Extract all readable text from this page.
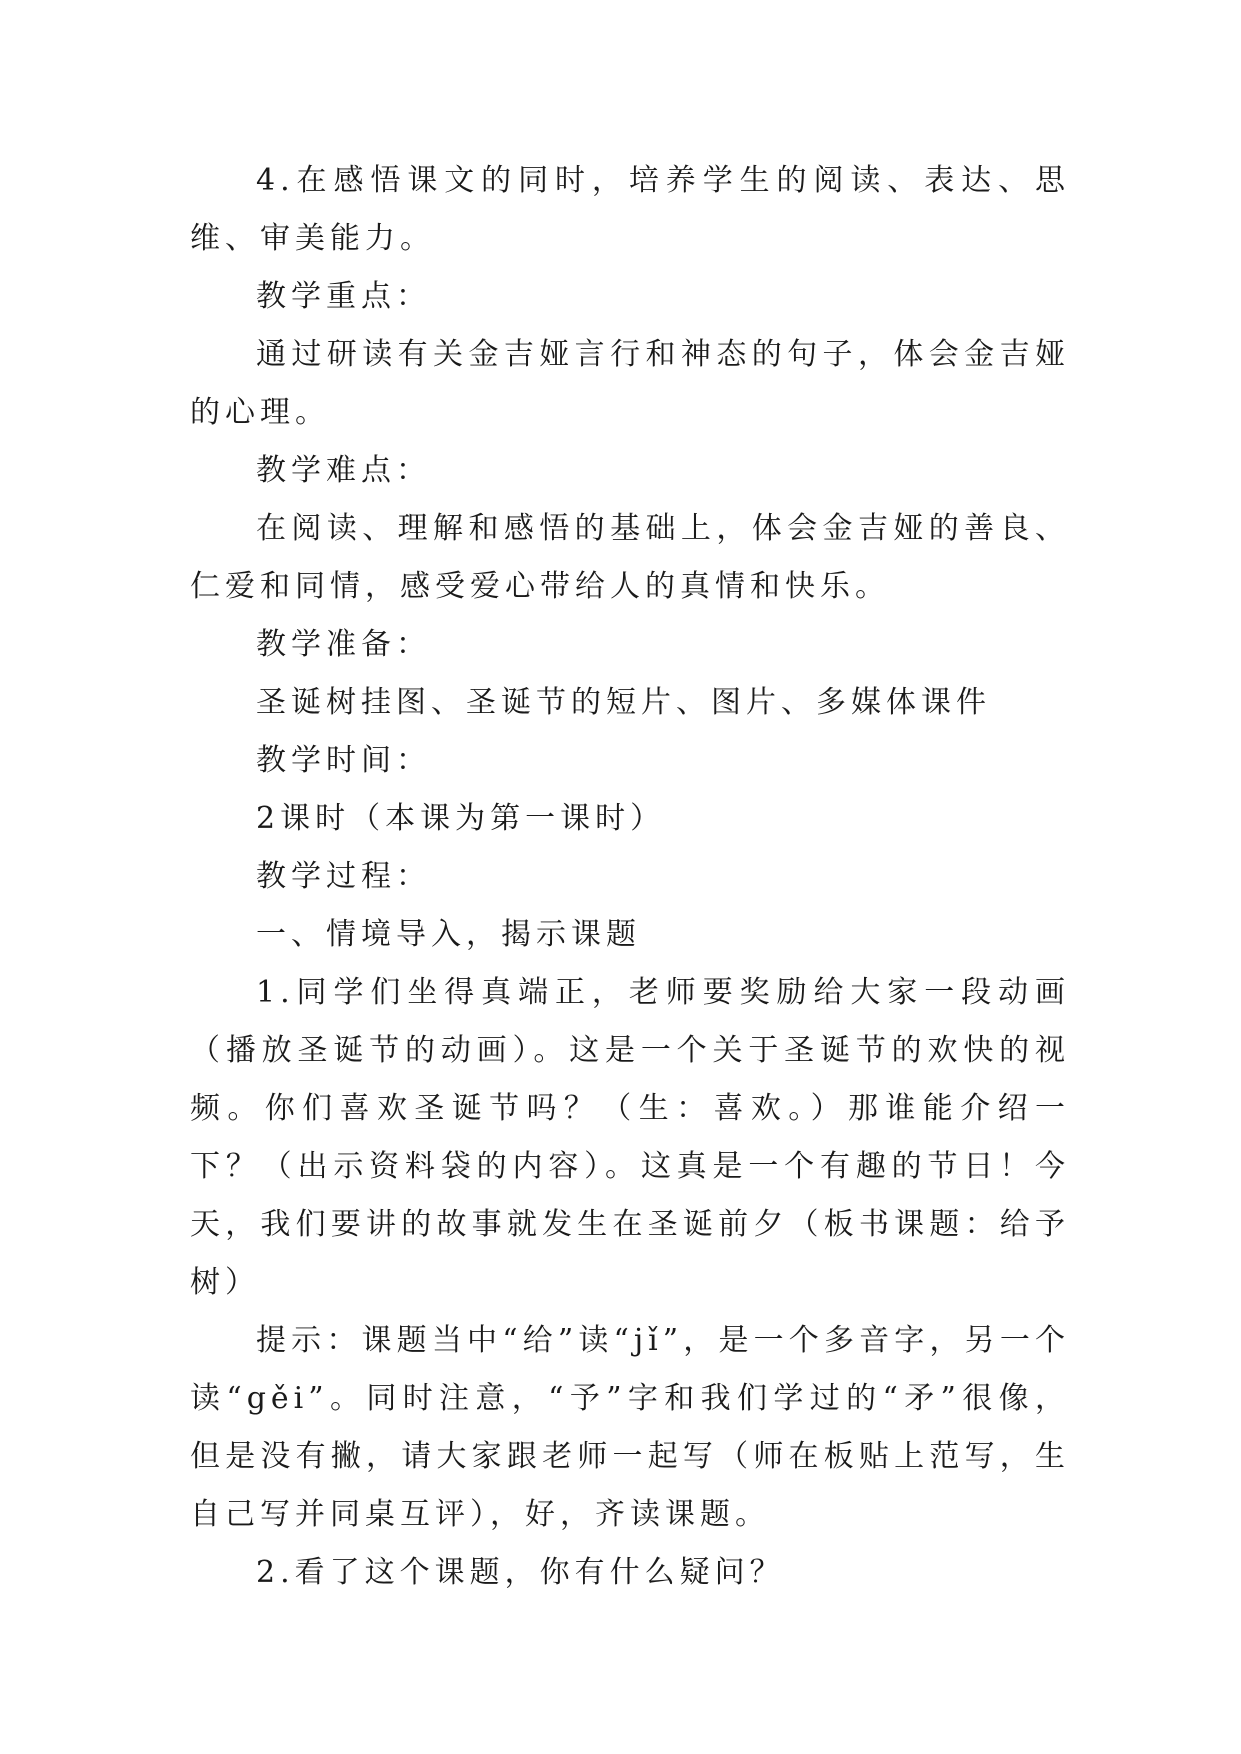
4.在感悟课文的同时，培养学生的阅读、表达、思维、审美能力。

教学重点：

通过研读有关金吉娅言行和神态的句子，体会金吉娅的心理。

教学难点：

在阅读、理解和感悟的基础上，体会金吉娅的善良、仁爱和同情，感受爱心带给人的真情和快乐。

教学准备：

圣诞树挂图、圣诞节的短片、图片、多媒体课件

教学时间：

2课时（本课为第一课时）

教学过程：

一、情境导入，揭示课题

1.同学们坐得真端正，老师要奖励给大家一段动画（播放圣诞节的动画）。这是一个关于圣诞节的欢快的视频。你们喜欢圣诞节吗？（生：喜欢。）那谁能介绍一下？（出示资料袋的内容）。这真是一个有趣的节日！今天，我们要讲的故事就发生在圣诞前夕（板书课题：给予树）

提示：课题当中“给”读“jǐ”，是一个多音字，另一个读“gěi”。同时注意，“予”字和我们学过的“矛”很像，但是没有撇，请大家跟老师一起写（师在板贴上范写，生自己写并同桌互评），好，齐读课题。

2.看了这个课题，你有什么疑问？
